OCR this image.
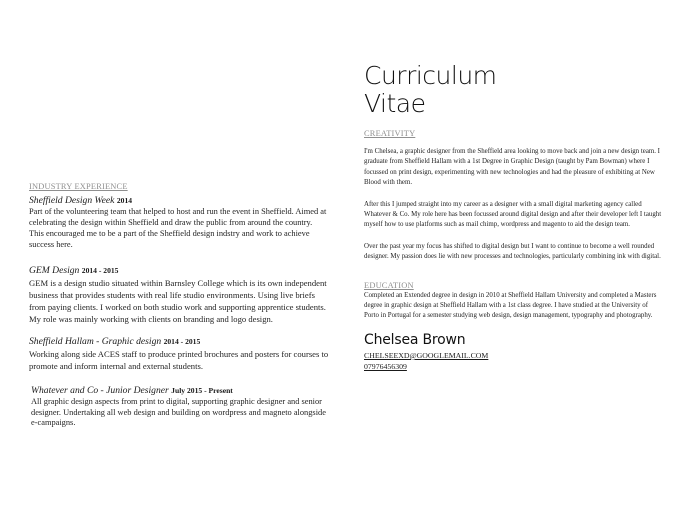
INDUSTRY EXPERIENCE
Sheffield Design Week 2014
Part of the volunteering team that helped to host and run the event in Sheffield. Aimed at celebrating the design within Sheffield and draw the public from around the country. This encouraged me to be a part of the Sheffield design indstry and work to achieve success here.
GEM Design 2014 - 2015
GEM is a design studio situated within Barnsley College which is its own independent business that provides students with real life studio environments. Using live briefs from paying clients. I worked on both studio work and supporting apprentice students. My role was mainly working with clients on branding and logo design.
Sheffield Hallam - Graphic design 2014 - 2015
Working along side ACES staff to produce printed brochures and posters for courses to promote and inform internal and external students.
Whatever and Co - Junior Designer July 2015 - Present
All graphic design aspects from print to digital, supporting graphic designer and senior designer. Undertaking all web design and building on wordpress and magneto alongside e-campaigns.
Curriculum
Vitae
CREATIVITY
I'm Chelsea, a graphic designer from the Sheffield area looking to move back and join a new design team. I graduate from Sheffield Hallam with a 1st Degree in Graphic Design (taught by Pam Bowman) where I focussed on print design, experimenting with new technologies and had the pleasure of exhibiting at New Blood with them.
After this I jumped straight into my career as a designer with a small digital marketing agency called Whatever & Co. My role here has been focussed around digital design and after their developer left I taught myself how to use platforms such as mail chimp, wordpress and magento to aid the design team.
Over the past year my focus has shifted to digital design but I want to continue to become a well rounded designer. My passion does lie with new processes and technologies, particularly combining ink with digital.
EDUCATION
Completed an Extended degree in design in 2010 at Sheffield Hallam University and completed a Masters degree in graphic design at Sheffield Hallam with a 1st class degree. I have studied at the University of Porto in Portugal for a semester studying web design, design management, typography and photography.
Chelsea Brown
CHELSEEXD@GOOGLEMAIL.COM
07976456309
